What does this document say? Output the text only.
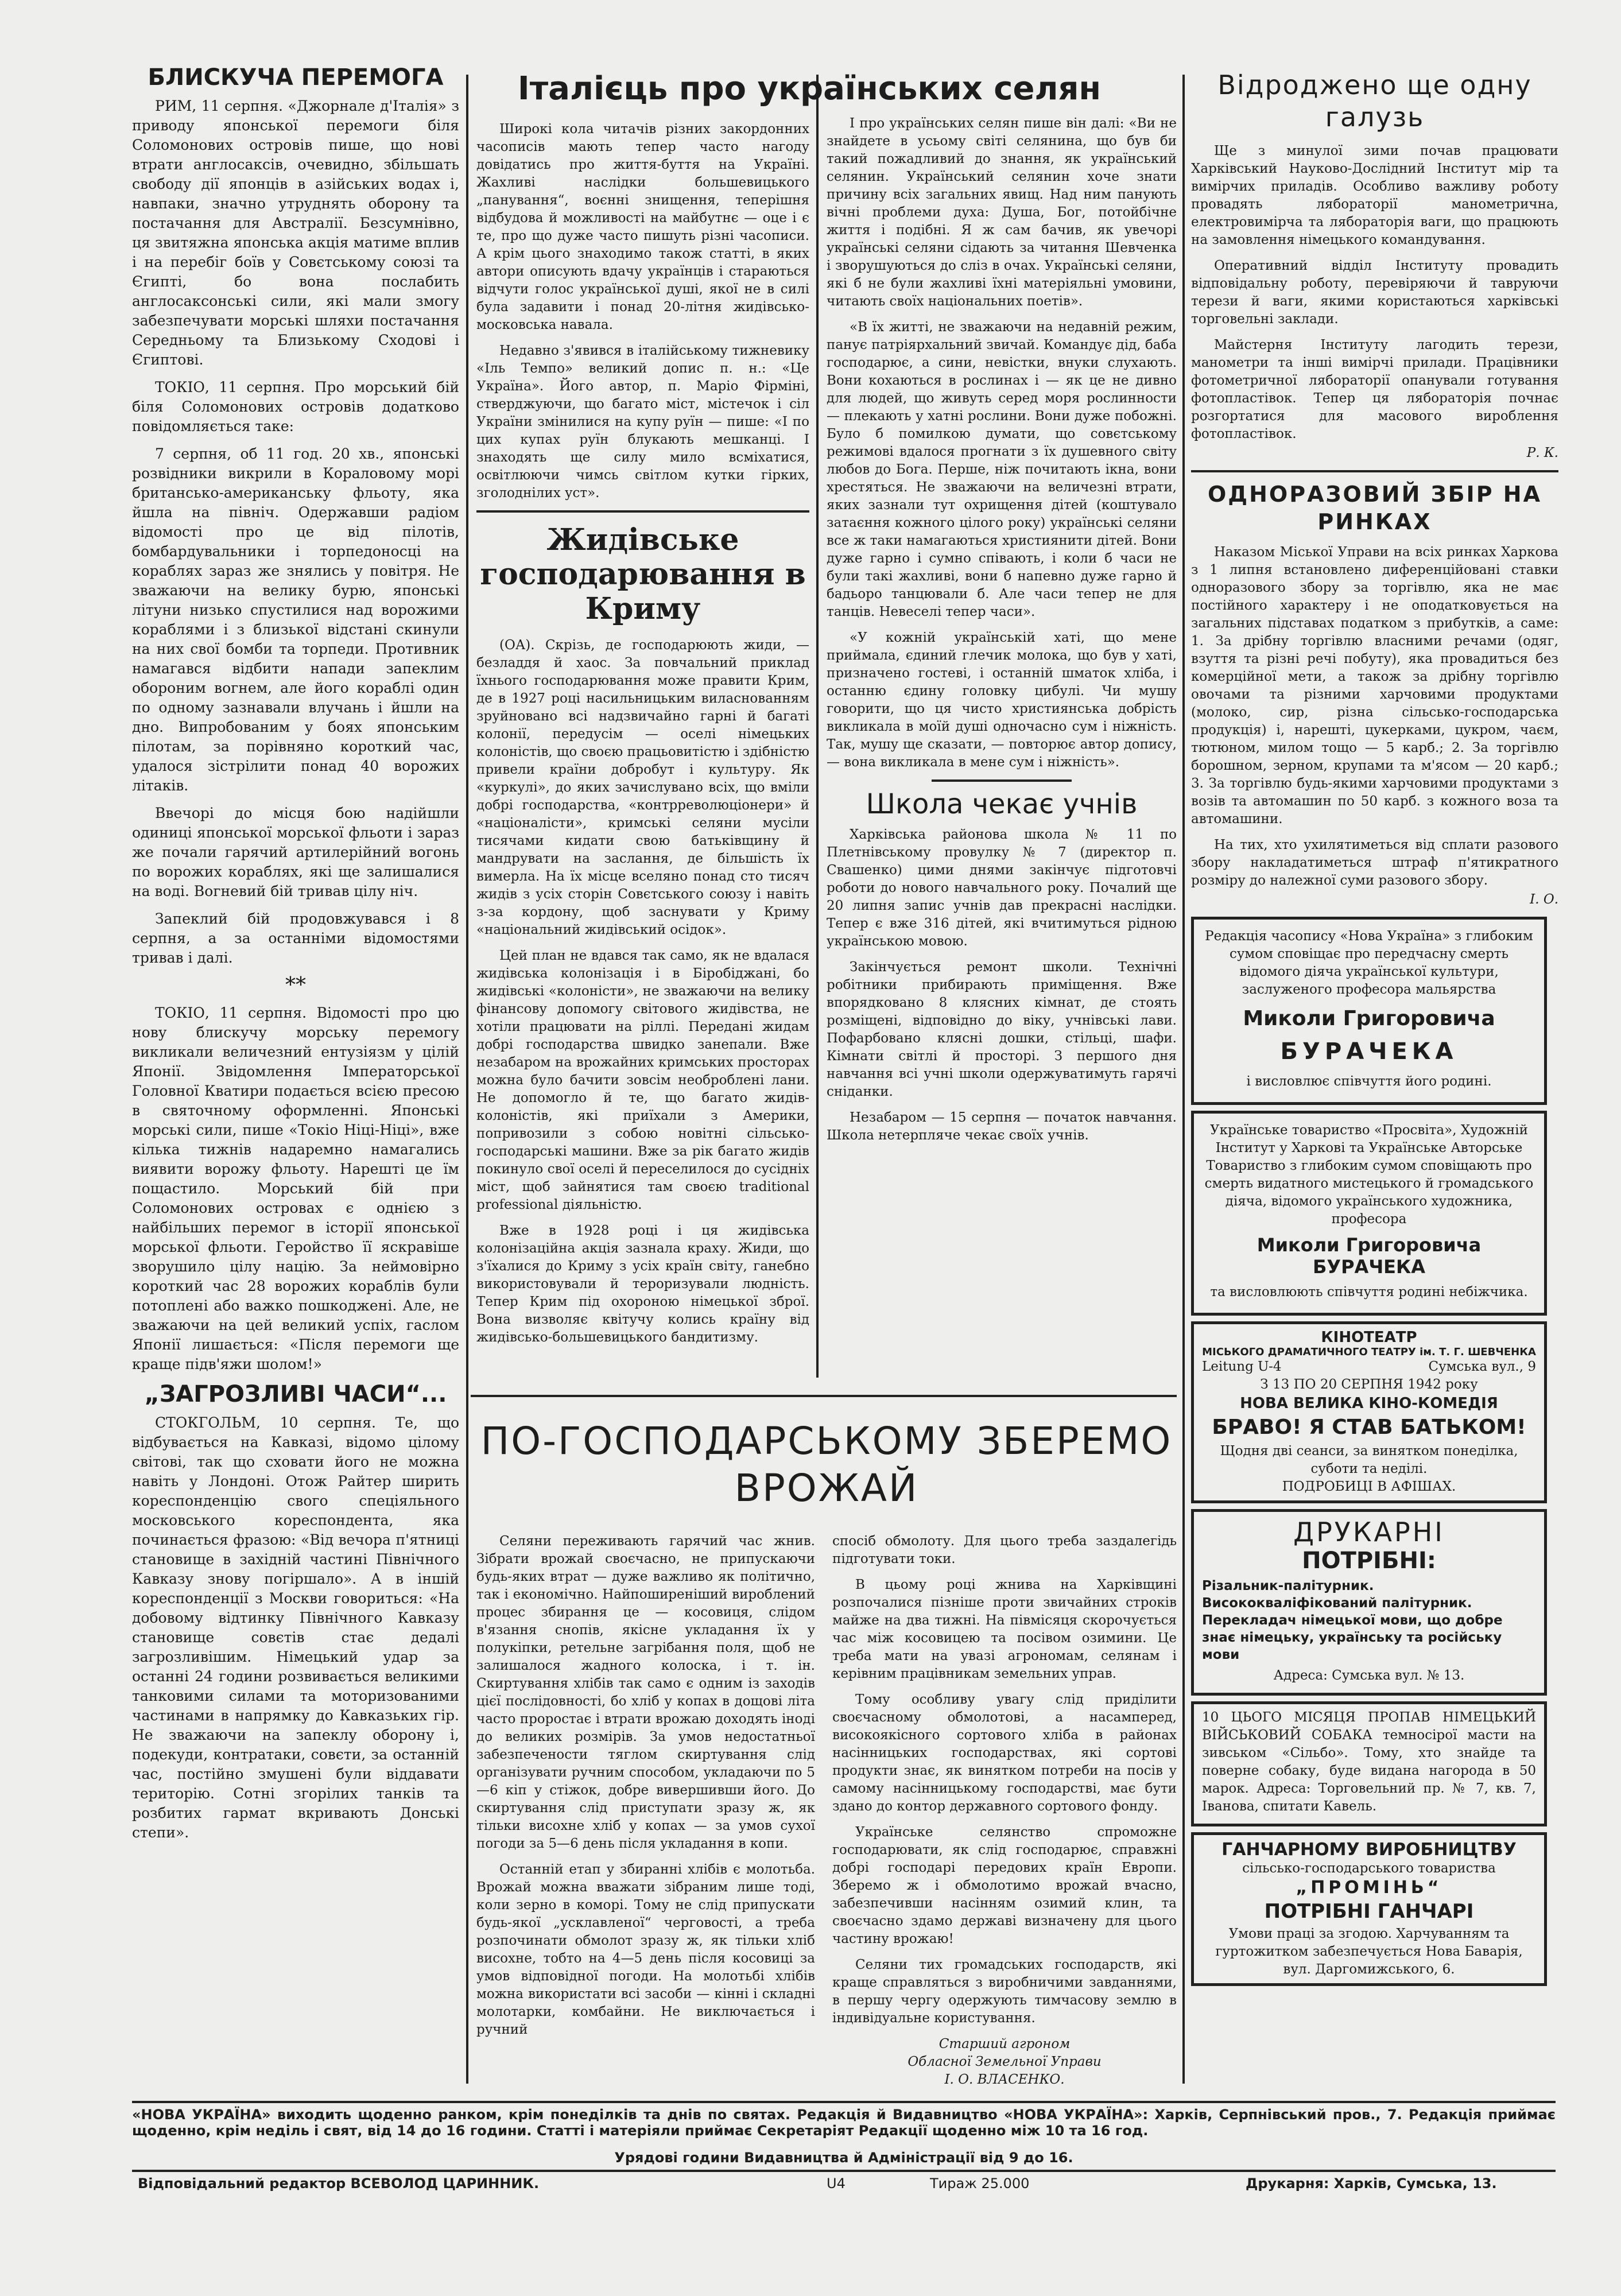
БЛИСКУЧА ПЕРЕМОГА

РИМ, 11 серпня. «Джорнале д'Італія» з приводу японської перемоги біля Соломонових островів пише, що нові втрати англосаксів, очевидно, збільшать свободу дії японців в азійських водах і, навпаки, значно утруднять оборону та постачання для Австралії. Безсумнівно, ця звитяжна японська акція матиме вплив і на перебіг боїв у Совєтському союзі та Єгипті, бо вона послабить англосаксонські сили, які мали змогу забезпечувати морські шляхи постачання Середньому та Близькому Сходові і Єгиптові.

ТОКІО, 11 серпня. Про морський бій біля Соломонових островів додатково повідомляється таке:

7 серпня, об 11 год. 20 хв., японські розвідники викрили в Кораловому морі британсько-американську фльоту, яка йшла на північ. Одержавши радіом відомості про це від пілотів, бомбардувальники і торпедоносці на кораблях зараз же знялись у повітря. Не зважаючи на велику бурю, японські літуни низько спустилися над ворожими кораблями і з близької відстані скинули на них свої бомби та торпеди. Противник намагався відбити напади запеклим обороним вогнем, але його кораблі один по одному зазнавали влучань і йшли на дно. Випробованим у боях японським пілотам, за порівняно короткий час, удалося зістрілити понад 40 ворожих літаків.

Ввечорі до місця бою надійшли одиниці японської морської фльоти і зараз же почали гарячий артилерійний вогонь по ворожих кораблях, які ще залишалися на воді. Вогневий бій тривав цілу ніч.

Запеклий бій продовжувався і 8 серпня, а за останніми відомостями тривав і далі.

**

ТОКІО, 11 серпня. Відомості про цю нову блискучу морську перемогу викликали величезний ентузіязм у цілій Японії. Звідомлення Імператорської Головної Кватири подається всією пресою в святочному оформленні. Японські морські сили, пише «Токіо Ніці-Ніці», вже кілька тижнів надаремно намагались виявити ворожу фльоту. Нарешті це їм пощастило. Морський бій при Соломонових островах є однією з найбільших перемог в історії японської морської фльоти. Геройство її яскравіше зворушило цілу націю. За неймовірно короткий час 28 ворожих кораблів були потоплені або важко пошкоджені. Але, не зважаючи на цей великий успіх, гаслом Японії лишається: «Після перемоги ще краще підв'яжи шолом!»

„ЗАГРОЗЛИВІ ЧАСИ“...

СТОКГОЛЬМ, 10 серпня. Те, що відбувається на Кавказі, відомо цілому світові, так що сховати його не можна навіть у Лондоні. Отож Райтер ширить кореспонденцію свого спеціяльного московського кореспондента, яка починається фразою: «Від вечора п'ятниці становище в західній частині Північного Кавказу знову погіршало». А в іншій кореспонденції з Москви говориться: «На добовому відтинку Північного Кавказу становище совєтів стає дедалі загрозливішим. Німецький удар за останні 24 години розвивається великими танковими силами та моторизованими частинами в напрямку до Кавказьких гір. Не зважаючи на запеклу оборону і, подекуди, контратаки, совєти, за останній час, постійно змушені були віддавати територію. Сотні згорілих танків та розбитих гармат вкривають Донські степи».

Італієць про українських селян

Широкі кола читачів різних закордонних часописів мають тепер часто нагоду довідатись про життя-буття на Україні. Жахливі наслідки большевицького „панування“, воєнні знищення, теперішня відбудова й можливості на майбутнє — оце і є те, про що дуже часто пишуть різні часописи. А крім цього знаходимо також статті, в яких автори описують вдачу українців і стараються відчути голос української душі, якої не в силі була задавити і понад 20-літня жидівсько-московська навала.

Недавно з'явився в італійському тижневику «Іль Темпо» великий допис п. н.: «Це Україна». Його автор, п. Маріо Фірміні, стверджуючи, що багато міст, містечок і сіл України змінилися на купу руїн — пише: «І по цих купах руїн блукають мешканці. І знаходять ще силу мило всміхатися, освітлюючи чимсь світлом кутки гірких, зголоднілих уст».

Жидівське господарювання в Криму

(ОА). Скрізь, де господарюють жиди, — безладдя й хаос. За повчальний приклад їхнього господарювання може правити Крим, де в 1927 році насильницьким виласнованням зруйновано всі надзвичайно гарні й багаті колонії, передусім — оселі німецьких колоністів, що своєю працьовитістю і здібністю привели країни добробут і культуру. Як «куркулі», до яких зачислувано всіх, що вміли добрі господарства, «контрреволюціонери» й «націоналісти», кримські селяни мусіли тисячами кидати свою батьківщину й мандрувати на заслання, де більшість їх вимерла. На їх місце вселяно понад сто тисяч жидів з усіх сторін Совєтського союзу і навіть з-за кордону, щоб заснувати у Криму «національний жидівський осідок».

Цей план не вдався так само, як не вдалася жидівська колонізація і в Біробіджані, бо жидівські «колоністи», не зважаючи на велику фінансову допомогу світового жидівства, не хотіли працювати на ріллі. Передані жидам добрі господарства швидко занепали. Вже незабаром на врожайних кримських просторах можна було бачити зовсім необроблені лани. Не допомогло й те, що багато жидів-колоністів, які приїхали з Америки, попривозили з собою новітні сільсько-господарські машини. Вже за рік багато жидів покинуло свої оселі й переселилося до сусідніх міст, щоб зайнятися там своєю traditional professional діяльністю.

Вже в 1928 році і ця жидівська колонізаційна акція зазнала краху. Жиди, що з'їхалися до Криму з усіх країн світу, ганебно використовували й тероризували людність. Тепер Крим під охороною німецької зброї. Вона визволяє квітучу колись країну від жидівсько-большевицького бандитизму.

І про українських селян пише він далі: «Ви не знайдете в усьому світі селянина, що був би такий пожадливий до знання, як український селянин. Український селянин хоче знати причину всіх загальних явищ. Над ним панують вічні проблеми духа: Душа, Бог, потойбічне життя і подібні. Я ж сам бачив, як увечорі українські селяни сідають за читання Шевченка і зворушуються до сліз в очах. Українські селяни, які б не були жахливі їхні матеріяльні умовини, читають своїх національних поетів».

«В їх житті, не зважаючи на недавній режим, панує патріярхальний звичай. Командує дід, баба господарює, а сини, невістки, внуки слухають. Вони кохаються в рослинах і — як це не дивно для людей, що живуть серед моря рослинности — плекають у хатні рослини. Вони дуже побожні. Було б помилкою думати, що совєтському режимові вдалося прогнати з їх душевного світу любов до Бога. Перше, ніж почитають ікна, вони хрестяться. Не зважаючи на величезні втрати, яких зазнали тут охрищення дітей (коштувало затаєння кожного цілого року) українські селяни все ж таки намагаються християнити дітей. Вони дуже гарно і сумно співають, і коли б часи не були такі жахливі, вони б напевно дуже гарно й бадьоро танцювали б. Але часи тепер не для танців. Невеселі тепер часи».

«У кожній українській хаті, що мене приймала, єдиний глечик молока, що був у хаті, призначено гостеві, і останній шматок хліба, і останню єдину головку цибулі. Чи мушу говорити, що ця чисто християнська добрість викликала в моїй душі одночасно сум і ніжність. Так, мушу ще сказати, — повторює автор допису, — вона викликала в мене сум і ніжність».

Школа чекає учнів

Харківська районова школа № 11 по Плетнівському провулку № 7 (директор п. Свашенко) цими днями закінчує підготовчі роботи до нового навчального року. Почалий ще 20 липня запис учнів дав прекрасні наслідки. Тепер є вже 316 дітей, які вчитимуться рідною українською мовою.

Закінчується ремонт школи. Технічні робітники прибирають приміщення. Вже впорядковано 8 клясних кімнат, де стоять розміщені, відповідно до віку, учнівські лави. Пофарбовано клясні дошки, стільці, шафи. Кімнати світлі й просторі. З першого дня навчання всі учні школи одержуватимуть гарячі сніданки.

Незабаром — 15 серпня — початок навчання. Школа нетерпляче чекає своїх учнів.

ПО-ГОСПОДАРСЬКОМУ ЗБЕРЕМО ВРОЖАЙ

Селяни переживають гарячий час жнив. Зібрати врожай своєчасно, не припускаючи будь-яких втрат — дуже важливо як політично, так і економічно. Найпоширеніший вироблений процес збирання це — косовиця, слідом в'язання снопів, якісне укладання їх у полукіпки, ретельне загрібання поля, щоб не залишалося жадного колоска, і т. ін. Скиртування хлібів так само є одним із заходів цієї послідовності, бо хліб у копах в дощові літа часто проростає і втрати врожаю доходять іноді до великих розмірів. За умов недостатньої забезпечености тяглом скиртування слід організувати ручним способом, укладаючи по 5—6 кіп у стіжок, добре вивершивши його. До скиртування слід приступати зразу ж, як тільки висохне хліб у копах — за умов сухої погоди за 5—6 день після укладання в копи.

Останній етап у збиранні хлібів є молотьба. Врожай можна вважати зібраним лише тоді, коли зерно в коморі. Тому не слід припускати будь-якої „усклавленої“ черговості, а треба розпочинати обмолот зразу ж, як тільки хліб висохне, тобто на 4—5 день після косовиці за умов відповідної погоди. На молотьбі хлібів можна використати всі засоби — кінні і складні молотарки, комбайни. Не виключається і ручний

спосіб обмолоту. Для цього треба заздалегідь підготувати токи.

В цьому році жнива на Харківщині розпочалися пізніше проти звичайних строків майже на два тижні. На півмісяця скорочується час між косовицею та посівом озимини. Це треба мати на увазі агрономам, селянам і керівним працівникам земельних управ.

Тому особливу увагу слід приділити своєчасному обмолотові, а насамперед, високоякісного сортового хліба в районах насінницьких господарствах, які сортові продукти знає, як винятком потреби на посів у самому насінницькому господарстві, має бути здано до контор державного сортового фонду.

Українське селянство спроможне господарювати, як слід господарює, справжні добрі господарі передових країн Европи. Зберемо ж і обмолотимо врожай вчасно, забезпечивши насінням озимий клин, та своєчасно здамо державі визначену для цього частину врожаю!

Селяни тих громадських господарств, які краще справляться з виробничими завданнями, в першу чергу одержують тимчасову землю в індивідуальне користування.

Старший агроном
Обласної Земельної Управи
І. О. ВЛАСЕНКО.
Відроджено ще одну галузь

Ще з минулої зими почав працювати Харківський Науково-Дослідний Інститут мір та вимірчих приладів. Особливо важливу роботу провадять лябораторії манометрична, електровимірча та лябораторія ваги, що працюють на замовлення німецького командування.

Оперативний відділ Інституту провадить відповідальну роботу, перевіряючи й тавруючи терези й ваги, якими користаються харківські торговельні заклади.

Майстерня Інституту лагодить терези, манометри та інші вимірчі прилади. Працівники фотометричної лябораторії опанували готування фотопластівок. Тепер ця лябораторія почнає розгортатися для масового вироблення фотопластівок.

Р. К.

ОДНОРАЗОВИЙ ЗБІР НА РИНКАХ

Наказом Міської Управи на всіх ринках Харкова з 1 липня встановлено диференційовані ставки одноразового збору за торгівлю, яка не має постійного характеру і не оподатковується на загальних підставах податком з прибутків, а саме: 1. За дрібну торгівлю власними речами (одяг, взуття та різні речі побуту), яка провадиться без комерційної мети, а також за дрібну торгівлю овочами та різними харчовими продуктами (молоко, сир, різна сільсько-господарська продукція) і, нарешті, цукерками, цукром, чаєм, тютюном, милом тощо — 5 карб.; 2. За торгівлю борошном, зерном, крупами та м'ясом — 20 карб.; 3. За торгівлю будь-якими харчовими продуктами з возів та автомашин по 50 карб. з кожного воза та автомашини.

На тих, хто ухилятиметься від сплати разового збору накладатиметься штраф п'ятикратного розміру до належної суми разового збору.

І. О.

Редакція часопису «Нова Україна» з глибоким сумом сповіщає про передчасну смерть відомого діяча української культури, заслуженого професора мальярства

Миколи Григоровича

БУРАЧЕКА

і висловлює співчуття його родині.

Українське товариство «Просвіта», Художній Інститут у Харкові та Українське Авторське Товариство з глибоким сумом сповіщають про смерть видатного мистецького й громадського діяча, відомого українського художника, професора

Миколи Григоровича БУРАЧЕКА

та висловлюють співчуття родині небіжчика.

КІНОТЕАТР

МІСЬКОГО ДРАМАТИЧНОГО ТЕАТРУ ім. Т. Г. ШЕВЧЕНКА

Leitung U-4	Сумська вул., 9

З 13 ПО 20 СЕРПНЯ 1942 року

НОВА ВЕЛИКА КІНО-КОМЕДІЯ

БРАВО! Я СТАВ БАТЬКОМ!

Щодня дві сеанси, за винятком понеділка, суботи та неділі.

ПОДРОБИЦІ В АФІШАХ.

ДРУКАРНІ

ПОТРІБНІ:

Різальник-палітурник. Висококваліфікований палітурник. Перекладач німецької мови, що добре знає німецьку, українську та російську мови

Адреса: Сумська вул. № 13.

10 ЦЬОГО МІСЯЦЯ ПРОПАВ НІМЕЦЬКИЙ ВІЙСЬКОВИЙ СОБАКА темносірої масти на зивськом «Сільбо». Тому, хто знайде та поверне собаку, буде видана нагорода в 50 марок. Адреса: Торговельний пр. № 7, кв. 7, Іванова, спитати Кавель.

ГАНЧАРНОМУ ВИРОБНИЦТВУ

сільсько-господарського товариства

„ПРОМІНЬ“

ПОТРІБНІ ГАНЧАРІ

Умови праці за згодою. Харчуванням та гуртожитком забезпечується Нова Баварія, вул. Даргомижського, 6.

«НОВА УКРАЇНА» виходить щоденно ранком, крім понеділків та днів по святах. Редакція й Видавництво «НОВА УКРАЇНА»: Харків, Серпнівський пров., 7. Редакція приймає щоденно, крім неділь і свят, від 14 до 16 години. Статті і матеріяли приймає Секретаріят Редакції щоденно між 10 та 16 год.
Урядові години Видавництва й Адміністрації від 9 до 16.
Відповідальний редактор ВСЕВОЛОД ЦАРИННИК.	U4	Тираж 25.000	Друкарня: Харків, Сумська, 13.
